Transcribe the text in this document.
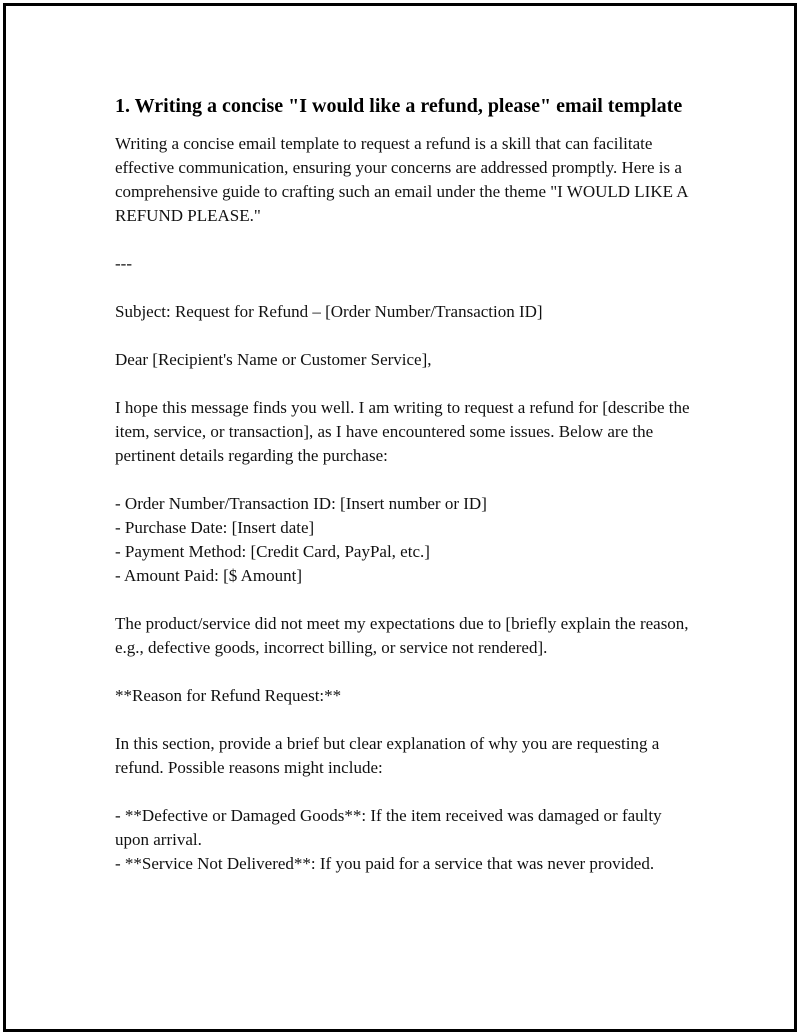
1. Writing a concise "I would like a refund, please" email template

Writing a concise email template to request a refund is a skill that can facilitate effective communication, ensuring your concerns are addressed promptly. Here is a comprehensive guide to crafting such an email under the theme "I WOULD LIKE A REFUND PLEASE."

---

Subject: Request for Refund – [Order Number/Transaction ID]

Dear [Recipient's Name or Customer Service],

I hope this message finds you well. I am writing to request a refund for [describe the item, service, or transaction], as I have encountered some issues. Below are the pertinent details regarding the purchase:

- Order Number/Transaction ID: [Insert number or ID]
- Purchase Date: [Insert date]
- Payment Method: [Credit Card, PayPal, etc.]
- Amount Paid: [$ Amount]

The product/service did not meet my expectations due to [briefly explain the reason, e.g., defective goods, incorrect billing, or service not rendered].

**Reason for Refund Request:**

In this section, provide a brief but clear explanation of why you are requesting a refund. Possible reasons might include:

- **Defective or Damaged Goods**: If the item received was damaged or faulty upon arrival.
- **Service Not Delivered**: If you paid for a service that was never provided.
